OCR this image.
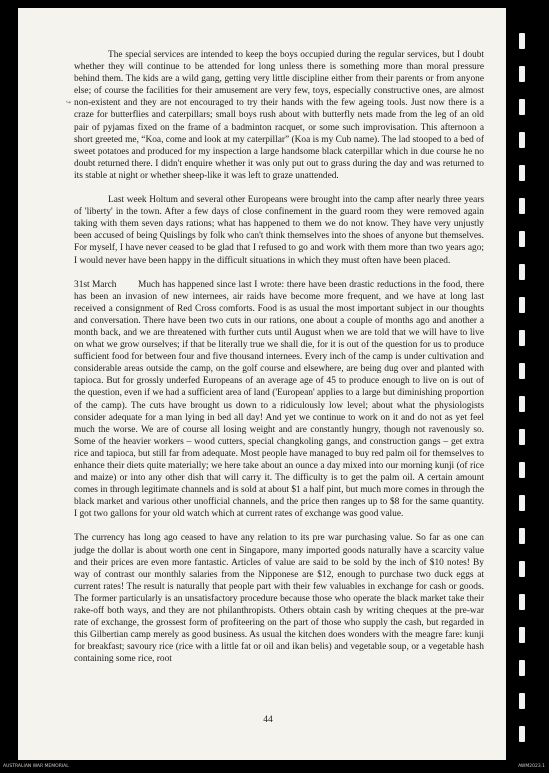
↪

The special services are intended to keep the boys occupied during the regular services, but I doubt whether they will continue to be attended for long unless there is something more than moral pressure behind them. The kids are a wild gang, getting very little discipline either from their parents or from anyone else; of course the facilities for their amusement are very few, toys, especially constructive ones, are almost non-existent and they are not encouraged to try their hands with the few ageing tools. Just now there is a craze for butterflies and caterpillars; small boys rush about with butterfly nets made from the leg of an old pair of pyjamas fixed on the frame of a badminton racquet, or some such improvisation. This afternoon a short greeted me, “Koa, come and look at my caterpillar” (Koa is my Cub name). The lad stooped to a bed of sweet potatoes and produced for my inspection a large handsome black caterpillar which in due course he no doubt returned there. I didn't enquire whether it was only put out to grass during the day and was returned to its stable at night or whether sheep-like it was left to graze unattended.

Last week Holtum and several other Europeans were brought into the camp after nearly three years of 'liberty' in the town. After a few days of close confinement in the guard room they were removed again taking with them seven days rations; what has happened to them we do not know. They have very unjustly been accused of being Quislings by folk who can't think themselves into the shoes of anyone but themselves. For myself, I have never ceased to be glad that I refused to go and work with them more than two years ago; I would never have been happy in the difficult situations in which they must often have been placed.

31st March Much has happened since last I wrote: there have been drastic reductions in the food, there has been an invasion of new internees, air raids have become more frequent, and we have at long last received a consignment of Red Cross comforts. Food is as usual the most important subject in our thoughts and conversation. There have been two cuts in our rations, one about a couple of months ago and another a month back, and we are threatened with further cuts until August when we are told that we will have to live on what we grow ourselves; if that be literally true we shall die, for it is out of the question for us to produce sufficient food for between four and five thousand internees. Every inch of the camp is under cultivation and considerable areas outside the camp, on the golf course and elsewhere, are being dug over and planted with tapioca. But for grossly underfed Europeans of an average age of 45 to produce enough to live on is out of the question, even if we had a sufficient area of land ('European' applies to a large but diminishing proportion of the camp). The cuts have brought us down to a ridiculously low level; about what the physiologists consider adequate for a man lying in bed all day! And yet we continue to work on it and do not as yet feel much the worse. We are of course all losing weight and are constantly hungry, though not ravenously so. Some of the heavier workers – wood cutters, special changkoling gangs, and construction gangs – get extra rice and tapioca, but still far from adequate. Most people have managed to buy red palm oil for themselves to enhance their diets quite materially; we here take about an ounce a day mixed into our morning kunji (of rice and maize) or into any other dish that will carry it. The difficulty is to get the palm oil. A certain amount comes in through legitimate channels and is sold at about $1 a half pint, but much more comes in through the black market and various other unofficial channels, and the price then ranges up to $8 for the same quantity. I got two gallons for your old watch which at current rates of exchange was good value.

The currency has long ago ceased to have any relation to its pre war purchasing value. So far as one can judge the dollar is about worth one cent in Singapore, many imported goods naturally have a scarcity value and their prices are even more fantastic. Articles of value are said to be sold by the inch of $10 notes! By way of contrast our monthly salaries from the Nipponese are $12, enough to purchase two duck eggs at current rates! The result is naturally that people part with their few valuables in exchange for cash or goods. The former particularly is an unsatisfactory procedure because those who operate the black market take their rake-off both ways, and they are not philanthropists. Others obtain cash by writing cheques at the pre-war rate of exchange, the grossest form of profiteering on the part of those who supply the cash, but regarded in this Gilbertian camp merely as good business. As usual the kitchen does wonders with the meagre fare: kunji for breakfast; savoury rice (rice with a little fat or oil and ikan belis) and vegetable soup, or a vegetable hash containing some rice, root

44
AUSTRALIAN WAR MEMORIAL	AWM2023.1
